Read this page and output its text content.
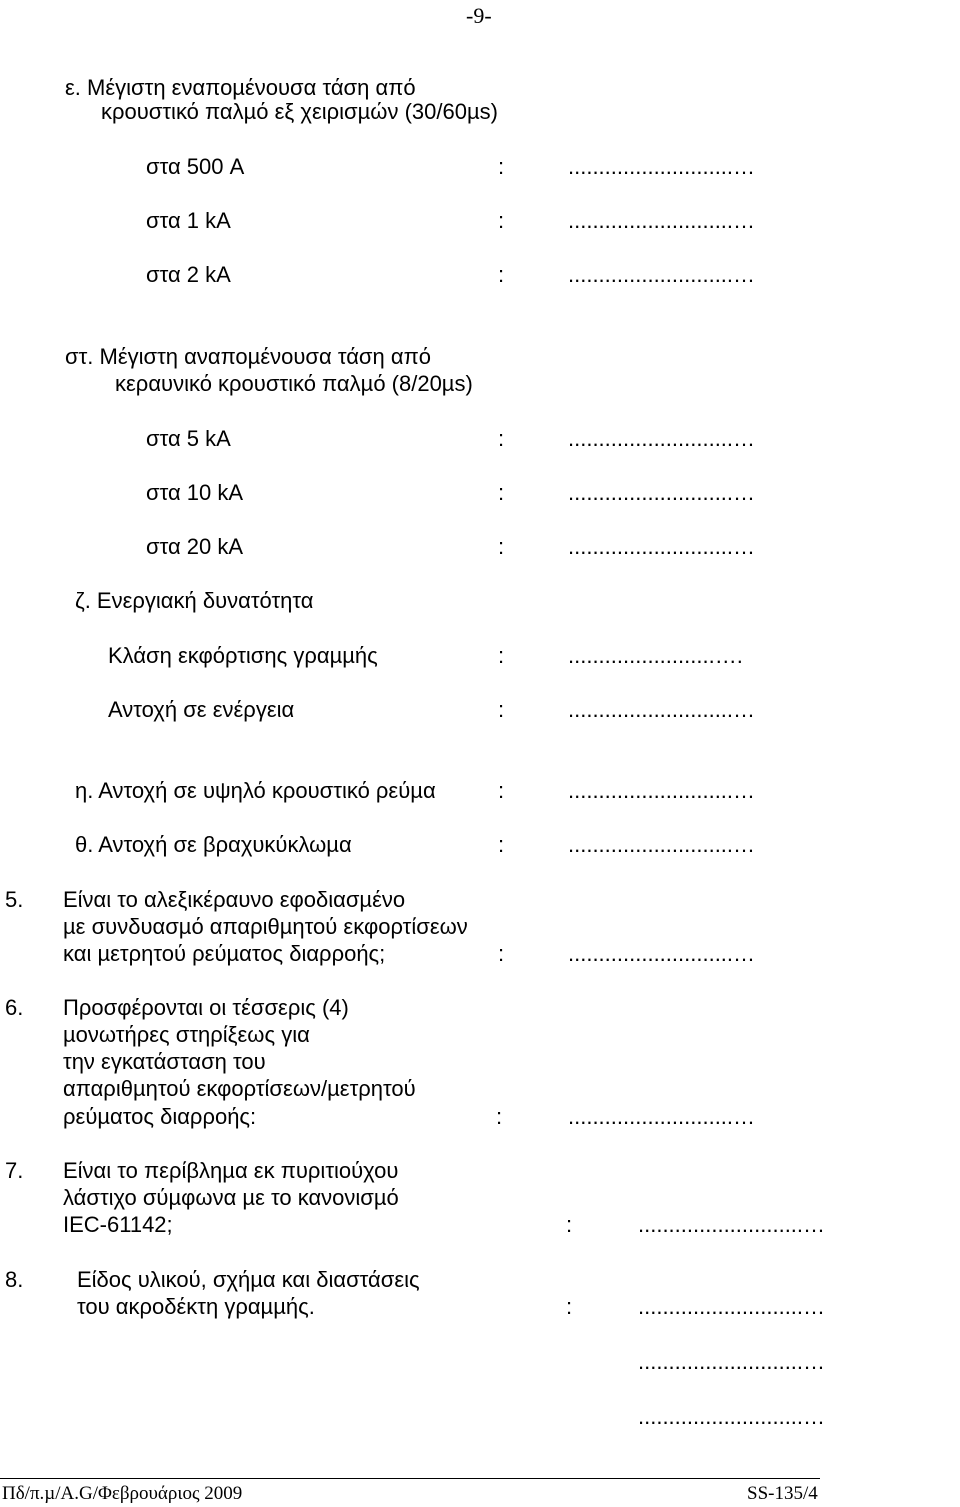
-9-
ε. Μέγιστη εναποµένουσα τάση από
κρουστικό παλµό εξ χειρισµών (30/60µs)
στα 500 A	:	...........................…
στα 1 kA	:	...........................…
στα 2 kA	:	...........................…
στ. Μέγιστη αναποµένουσα τάση από
κεραυνικό κρουστικό παλµό (8/20µs)
στα 5 kA	:	...........................…
στα 10 kA	:	...........................…
στα 20 kA	:	...........................…
ζ. Ενεργιακή δυνατότητα
Κλάση εκφόρτισης γραµµής	:	........................….
Αντοχή σε ενέργεια	:	...........................…
η. Αντοχή σε υψηλό κρουστικό ρεύµα	:	...........................…
θ. Αντοχή σε βραχυκύκλωµα	:	...........................…
5. Είναι το αλεξικέραυνο εφοδιασµένο
µε συνδυασµό απαριθµητού εκφορτίσεων
και µετρητού ρεύµατος διαρροής;	:	...........................…
6. Προσφέρονται οι τέσσερις (4)
µονωτήρες στηρίξεως για
την εγκατάσταση του
απαριθµητού εκφορτίσεων/µετρητού
ρεύµατος διαρροής:	:	...........................…
7. Είναι το περίβληµα εκ πυριτιούχου
λάστιχο σύµφωνα µε το κανονισµό
IEC-61142;	:	...........................…
8. Είδος υλικού, σχήµα και διαστάσεις
του ακροδέκτη γραµµής.	:	...........................…
...........................…
...........................…
Πδ/π.µ/A.G/Φεβρουάριος 2009	SS-135/4
